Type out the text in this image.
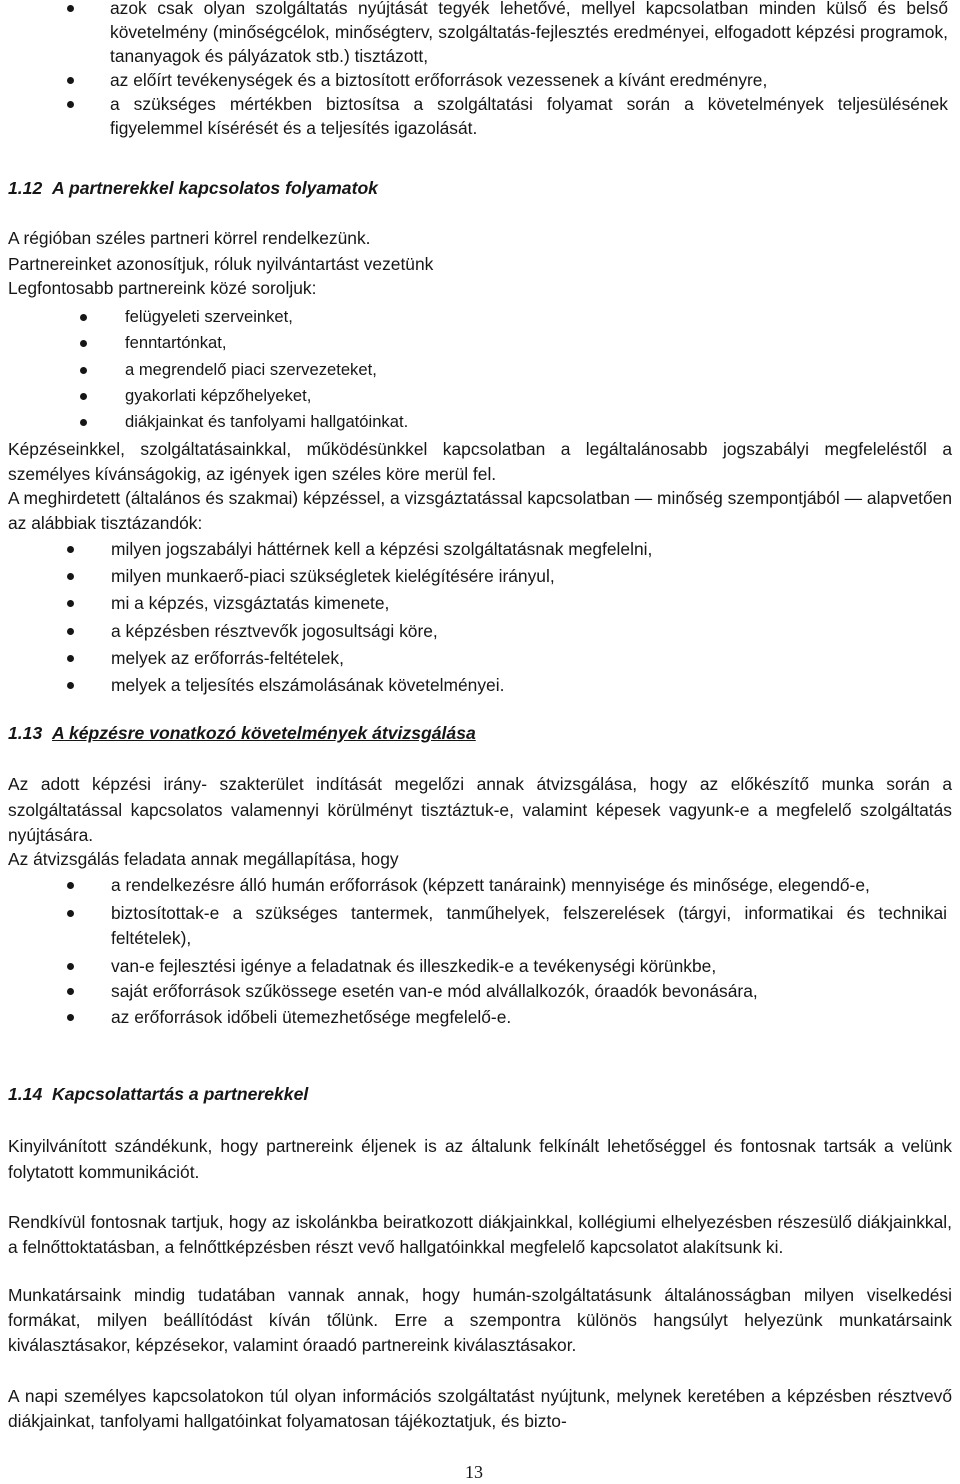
azok csak olyan szolgáltatás nyújtását tegyék lehetővé, mellyel kapcsolatban minden külső és belső követelmény (minőségcélok, minőségterv, szolgáltatás-fejlesztés eredményei, elfogadott képzési programok, tananyagok és pályázatok stb.) tisztázott,
az előírt tevékenységek és a biztosított erőforrások vezessenek a kívánt eredményre,
a szükséges mértékben biztosítsa a szolgáltatási folyamat során a követelmények teljesülésének figyelemmel kísérését és a teljesítés igazolását.
1.12 A partnerekkel kapcsolatos folyamatok

A régióban széles partneri körrel rendelkezünk.

Partnereinket azonosítjuk, róluk nyilvántartást vezetünk

Legfontosabb partnereink közé soroljuk:

felügyeleti szerveinket,
fenntartónkat,
a megrendelő piaci szervezeteket,
gyakorlati képzőhelyeket,
diákjainkat és tanfolyami hallgatóinkat.

Képzéseinkkel, szolgáltatásainkkal, működésünkkel kapcsolatban a legáltalánosabb jogszabályi megfeleléstől a személyes kívánságokig, az igények igen széles köre merül fel.

A meghirdetett (általános és szakmai) képzéssel, a vizsgáztatással kapcsolatban — minőség szempontjából — alapvetően az alábbiak tisztázandók:

milyen jogszabályi háttérnek kell a képzési szolgáltatásnak megfelelni,
milyen munkaerő-piaci szükségletek kielégítésére irányul,
mi a képzés, vizsgáztatás kimenete,
a képzésben résztvevők jogosultsági köre,
melyek az erőforrás-feltételek,
melyek a teljesítés elszámolásának követelményei.
1.13 A képzésre vonatkozó követelmények átvizsgálása

Az adott képzési irány- szakterület indítását megelőzi annak átvizsgálása, hogy az előkészítő munka során a szolgáltatással kapcsolatos valamennyi körülményt tisztáztuk-e, valamint képesek vagyunk-e a megfelelő szolgáltatás nyújtására.

Az átvizsgálás feladata annak megállapítása, hogy

a rendelkezésre álló humán erőforrások (képzett tanáraink) mennyisége és minősége, elegendő-e,
biztosítottak-e a szükséges tantermek, tanműhelyek, felszerelések (tárgyi, informatikai és technikai feltételek),
van-e fejlesztési igénye a feladatnak és illeszkedik-e a tevékenységi körünkbe,
saját erőforrások szűkössege esetén van-e mód alvállalkozók, óraadók bevonására,
az erőforrások időbeli ütemezhetősége megfelelő-e.
1.14 Kapcsolattartás a partnerekkel

Kinyilvánított szándékunk, hogy partnereink éljenek is az általunk felkínált lehetőséggel és fontosnak tartsák a velünk folytatott kommunikációt.

Rendkívül fontosnak tartjuk, hogy az iskolánkba beiratkozott diákjainkkal, kollégiumi elhelyezésben részesülő diákjainkkal, a felnőttoktatásban, a felnőttképzésben részt vevő hallgatóinkkal megfelelő kapcsolatot alakítsunk ki.

Munkatársaink mindig tudatában vannak annak, hogy humán-szolgáltatásunk általánosságban milyen viselkedési formákat, milyen beállítódást kíván tőlünk. Erre a szempontra különös hangsúlyt helyezünk munkatársaink kiválasztásakor, képzésekor, valamint óraadó partnereink kiválasztásakor.

A napi személyes kapcsolatokon túl olyan információs szolgáltatást nyújtunk, melynek keretében a képzésben résztvevő diákjainkat, tanfolyami hallgatóinkat folyamatosan tájékoztatjuk, és bizto-

13
